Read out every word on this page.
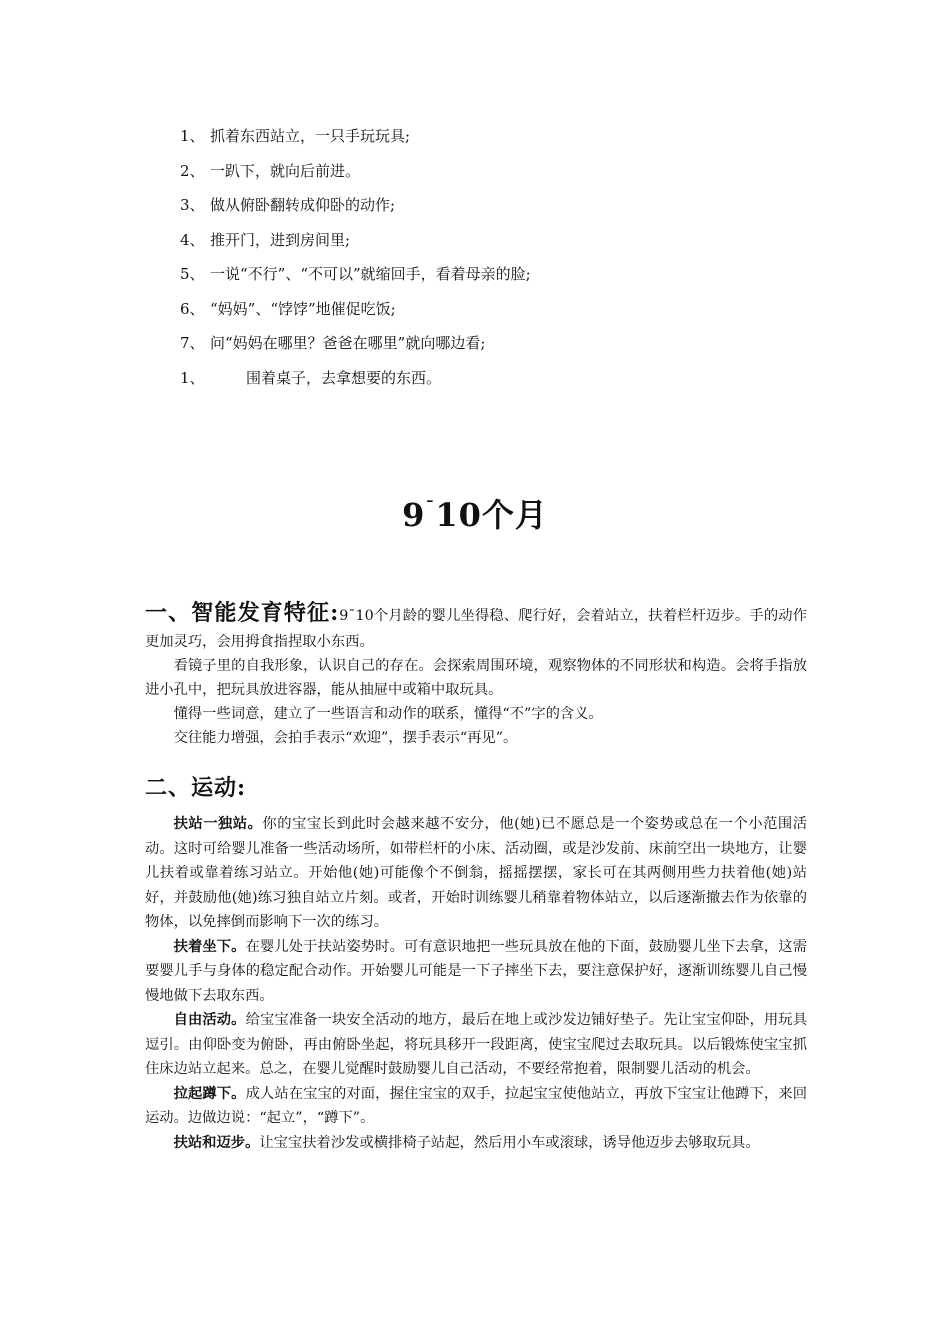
1、 抓着东西站立，一只手玩玩具;
2、 一趴下，就向后前进。
3、 做从俯卧翻转成仰卧的动作;
4、 推开门，进到房间里;
5、 一说“不行”、“不可以”就缩回手，看着母亲的脸;
6、 “妈妈”、“饽饽”地催促吃饭;
7、 问“妈妈在哪里？爸爸在哪里”就向哪边看;
1、	围着桌子，去拿想要的东西。
9¯10个月

一、智能发育特征:9¯10个月龄的婴儿坐得稳、爬行好，会着站立，扶着栏杆迈步。手的动作更加灵巧，会用拇食指捏取小东西。

看镜子里的自我形象，认识自己的存在。会探索周围环境，观察物体的不同形状和构造。会将手指放进小孔中，把玩具放进容器，能从抽屉中或箱中取玩具。

懂得一些词意，建立了一些语言和动作的联系，懂得“不”字的含义。

交往能力增强，会拍手表示“欢迎”，摆手表示“再见”。

二、运动:

扶站一独站。你的宝宝长到此时会越来越不安分，他(她)已不愿总是一个姿势或总在一个小范围活动。这时可给婴儿准备一些活动场所，如带栏杆的小床、活动圈，或是沙发前、床前空出一块地方，让婴儿扶着或靠着练习站立。开始他(她)可能像个不倒翁，摇摇摆摆，家长可在其两侧用些力扶着他(她)站好，并鼓励他(她)练习独自站立片刻。或者，开始时训练婴儿稍靠着物体站立，以后逐渐撤去作为依靠的物体，以免摔倒而影响下一次的练习。

扶着坐下。在婴儿处于扶站姿势时。可有意识地把一些玩具放在他的下面，鼓励婴儿坐下去拿，这需要婴儿手与身体的稳定配合动作。开始婴儿可能是一下子摔坐下去，要注意保护好，逐渐训练婴儿自己慢慢地做下去取东西。

自由活动。给宝宝准备一块安全活动的地方，最后在地上或沙发边铺好垫子。先让宝宝仰卧，用玩具逗引。由仰卧变为俯卧，再由俯卧坐起，将玩具移开一段距离，使宝宝爬过去取玩具。以后锻炼使宝宝抓住床边站立起来。总之，在婴儿觉醒时鼓励婴儿自己活动，不要经常抱着，限制婴儿活动的机会。

拉起蹲下。成人站在宝宝的对面，握住宝宝的双手，拉起宝宝使他站立，再放下宝宝让他蹲下，来回运动。边做边说：“起立”，“蹲下”。

扶站和迈步。让宝宝扶着沙发或横排椅子站起，然后用小车或滚球，诱导他迈步去够取玩具。
